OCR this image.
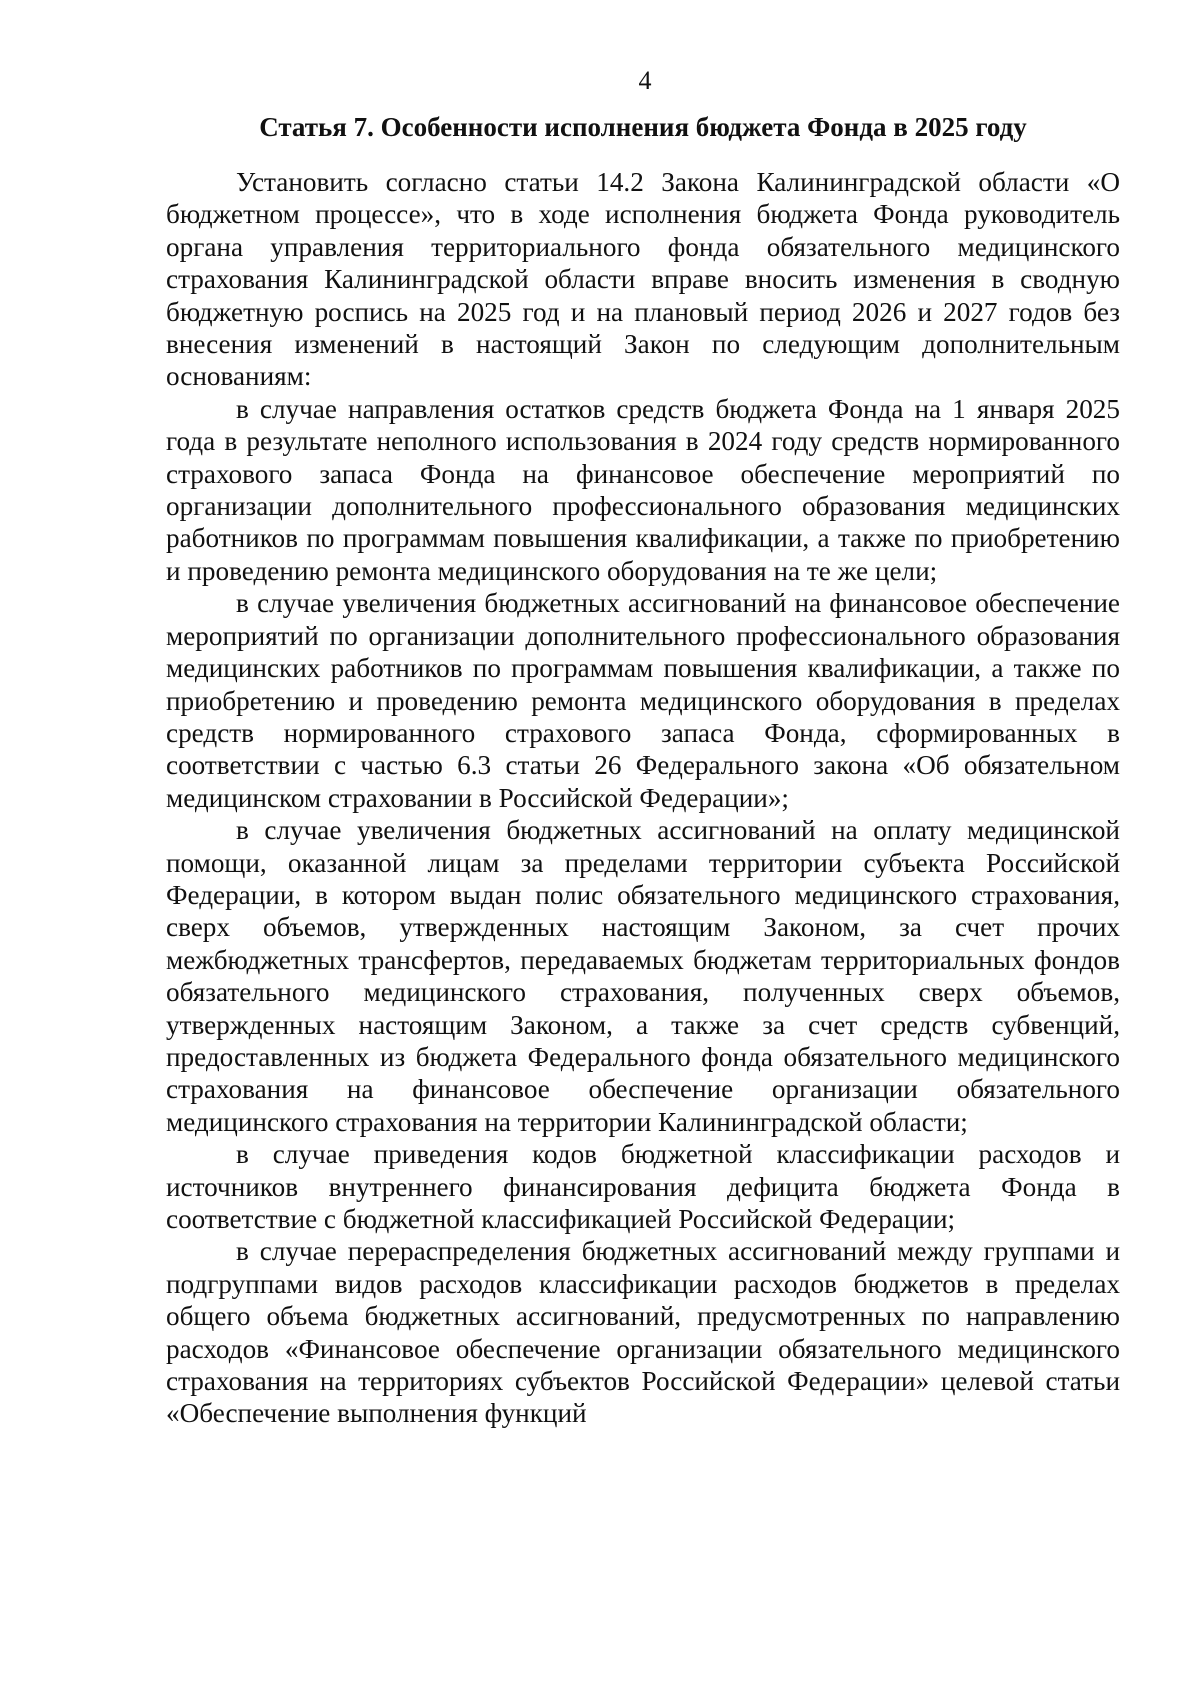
4
Статья 7. Особенности исполнения бюджета Фонда в 2025 году

Установить согласно статьи 14.2 Закона Калининградской области «О бюджетном процессе», что в ходе исполнения бюджета Фонда руководитель органа управления территориального фонда обязательного медицинского страхования Калининградской области вправе вносить изменения в сводную бюджетную роспись на 2025 год и на плановый период 2026 и 2027 годов без внесения изменений в настоящий Закон по следующим дополнительным основаниям:

в случае направления остатков средств бюджета Фонда на 1 января 2025 года в результате неполного использования в 2024 году средств нормированного страхового запаса Фонда на финансовое обеспечение мероприятий по организации дополнительного профессионального образования медицинских работников по программам повышения квалификации, а также по приобретению и проведению ремонта медицинского оборудования на те же цели;

в случае увеличения бюджетных ассигнований на финансовое обеспечение мероприятий по организации дополнительного профессионального образования медицинских работников по программам повышения квалификации, а также по приобретению и проведению ремонта медицинского оборудования в пределах средств нормированного страхового запаса Фонда, сформированных в соответствии с частью 6.3 статьи 26 Федерального закона «Об обязательном медицинском страховании в Российской Федерации»;

в случае увеличения бюджетных ассигнований на оплату медицинской помощи, оказанной лицам за пределами территории субъекта Российской Федерации, в котором выдан полис обязательного медицинского страхования, сверх объемов, утвержденных настоящим Законом, за счет прочих межбюджетных трансфертов, передаваемых бюджетам территориальных фондов обязательного медицинского страхования, полученных сверх объемов, утвержденных настоящим Законом, а также за счет средств субвенций, предоставленных из бюджета Федерального фонда обязательного медицинского страхования на финансовое обеспечение организации обязательного медицинского страхования на территории Калининградской области;

в случае приведения кодов бюджетной классификации расходов и источников внутреннего финансирования дефицита бюджета Фонда в соответствие с бюджетной классификацией Российской Федерации;

в случае перераспределения бюджетных ассигнований между группами и подгруппами видов расходов классификации расходов бюджетов в пределах общего объема бюджетных ассигнований, предусмотренных по направлению расходов «Финансовое обеспечение организации обязательного медицинского страхования на территориях субъектов Российской Федерации» целевой статьи «Обеспечение выполнения функций
